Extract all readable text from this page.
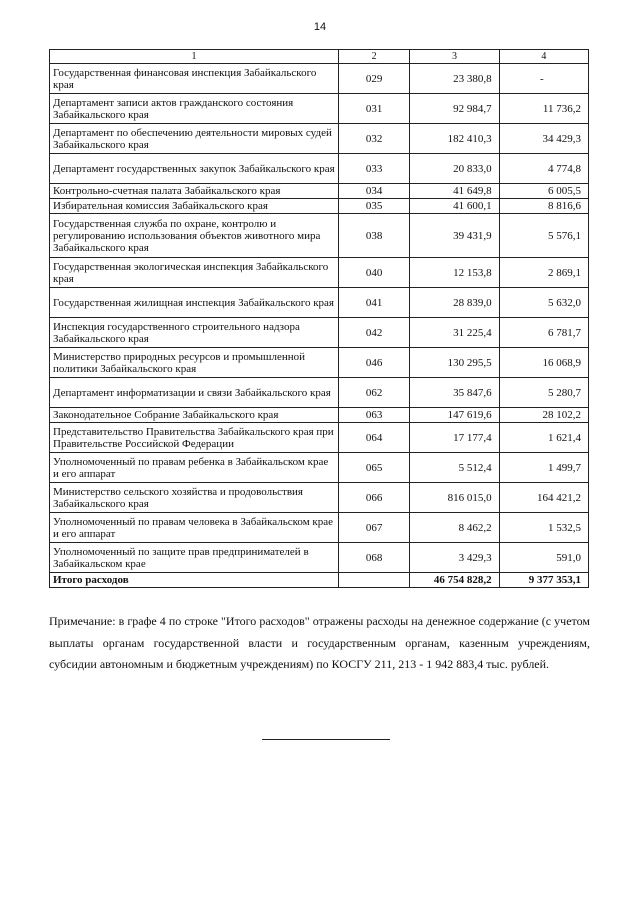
14
1	2	3	4
Государственная финансовая инспекция Забайкальского края	029	23 380,8	-
Департамент записи актов гражданского состояния Забайкальского края	031	92 984,7	11 736,2
Департамент по обеспечению деятельности мировых судей Забайкальского края	032	182 410,3	34 429,3
Департамент государственных закупок Забайкальского края	033	20 833,0	4 774,8
Контрольно-счетная палата Забайкальского края	034	41 649,8	6 005,5
Избирательная комиссия Забайкальского края	035	41 600,1	8 816,6
Государственная служба по охране, контролю и регулированию использования объектов животного мира Забайкальского края	038	39 431,9	5 576,1
Государственная экологическая инспекция Забайкальского края	040	12 153,8	2 869,1
Государственная жилищная инспекция Забайкальского края	041	28 839,0	5 632,0
Инспекция государственного строительного надзора Забайкальского края	042	31 225,4	6 781,7
Министерство природных ресурсов и промышленной политики Забайкальского края	046	130 295,5	16 068,9
Департамент информатизации и связи Забайкальского края	062	35 847,6	5 280,7
Законодательное Собрание Забайкальского края	063	147 619,6	28 102,2
Представительство Правительства Забайкальского края при Правительстве Российской Федерации	064	17 177,4	1 621,4
Уполномоченный по правам ребенка в Забайкальском крае и его аппарат	065	5 512,4	1 499,7
Министерство сельского хозяйства и продовольствия Забайкальского края	066	816 015,0	164 421,2
Уполномоченный по правам человека в Забайкальском крае и его аппарат	067	8 462,2	1 532,5
Уполномоченный по защите прав предпринимателей в Забайкальском крае	068	3 429,3	591,0
Итого расходов		46 754 828,2	9 377 353,1

Примечание: в графе 4 по строке "Итого расходов" отражены расходы на денежное содержание (с учетом выплаты органам государственной власти и государственным органам, казенным учреждениям, субсидии автономным и бюджетным учреждениям) по КОСГУ 211, 213 - 1 942 883,4 тыс. рублей.
